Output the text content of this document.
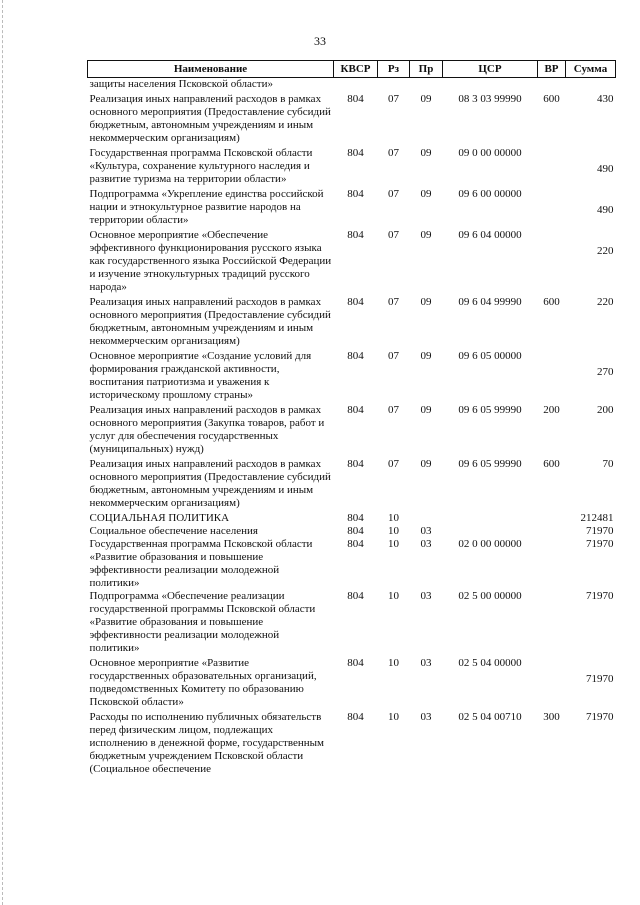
33
Наименование	КВСР	Рз	Пр	ЦСР	ВР	Сумма
защиты населения Псковской области»						
Реализация иных направлений расходов в рамках основного мероприятия (Предоставление субсидий бюджетным, автономным учреждениям и иным некоммерческим организациям)	804	07	09	08 3 03 99990	600	430
Государственная программа Псковской области «Культура, сохранение культурного наследия и развитие туризма на территории области»	804	07	09	09 0 00 00000		490
Подпрограмма «Укрепление единства российской нации и этнокультурное развитие народов на территории области»	804	07	09	09 6 00 00000		490
Основное мероприятие «Обеспечение эффективного функционирования русского языка как государственного языка Российской Федерации и изучение этнокультурных традиций русского народа»	804	07	09	09 6 04 00000		220
Реализация иных направлений расходов в рамках основного мероприятия (Предоставление субсидий бюджетным, автономным учреждениям и иным некоммерческим организациям)	804	07	09	09 6 04 99990	600	220
Основное мероприятие «Создание условий для формирования гражданской активности, воспитания патриотизма и уважения к историческому прошлому страны»	804	07	09	09 6 05 00000		270
Реализация иных направлений расходов в рамках основного мероприятия (Закупка товаров, работ и услуг для обеспечения государственных (муниципальных) нужд)	804	07	09	09 6 05 99990	200	200
Реализация иных направлений расходов в рамках основного мероприятия (Предоставление субсидий бюджетным, автономным учреждениям и иным некоммерческим организациям)	804	07	09	09 6 05 99990	600	70
СОЦИАЛЬНАЯ ПОЛИТИКА	804	10				212481
Социальное обеспечение населения	804	10	03			71970
Государственная программа Псковской области «Развитие образования и повышение эффективности реализации молодежной политики»	804	10	03	02 0 00 00000		71970
Подпрограмма «Обеспечение реализации государственной программы Псковской области «Развитие образования и повышение эффективности реализации молодежной политики»	804	10	03	02 5 00 00000		71970
Основное мероприятие «Развитие государственных образовательных организаций, подведомственных Комитету по образованию Псковской области»	804	10	03	02 5 04 00000		71970
Расходы по исполнению публичных обязательств перед физическим лицом, подлежащих исполнению в денежной форме, государственным бюджетным учреждением Псковской области (Социальное обеспечение	804	10	03	02 5 04 00710	300	71970
